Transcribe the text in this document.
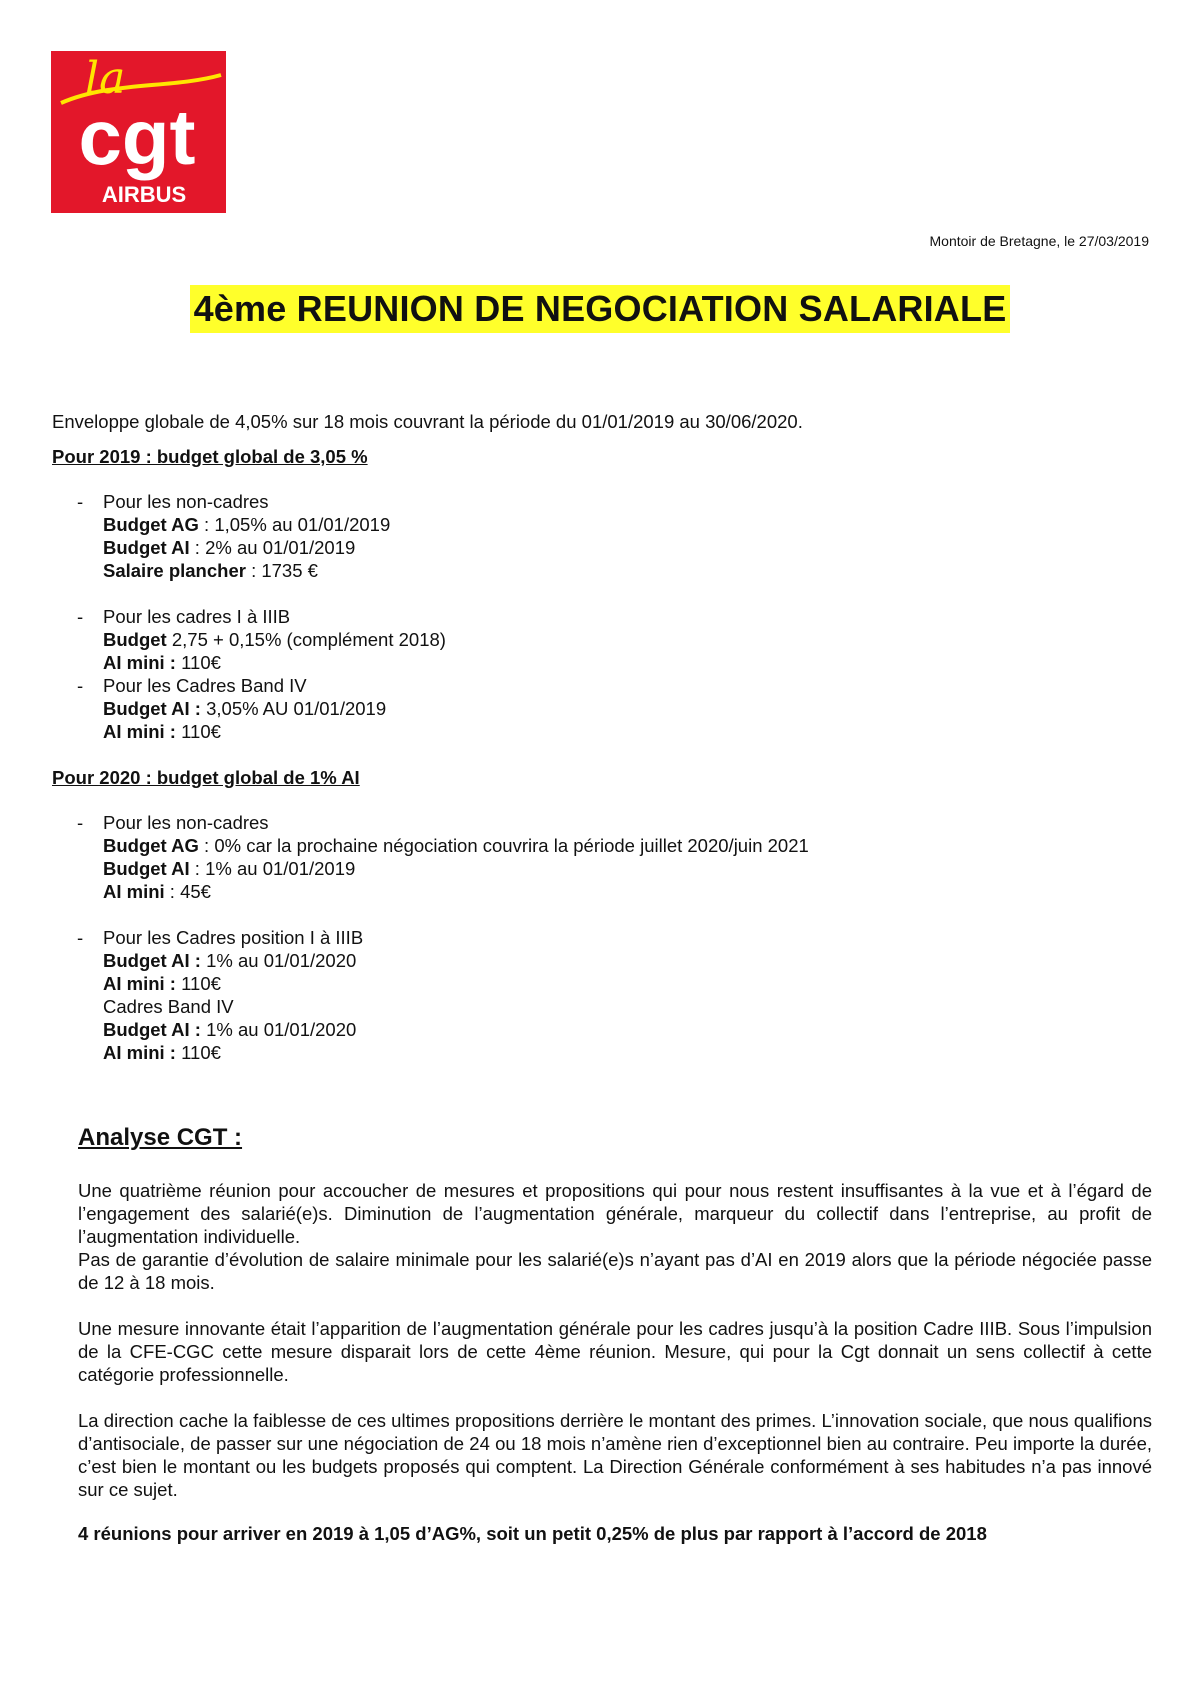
la
cgt
AIRBUS
Montoir de Bretagne, le 27/03/2019
4ème REUNION DE NEGOCIATION SALARIALE

Enveloppe globale de 4,05% sur 18 mois couvrant la période du 01/01/2019 au 30/06/2020.

Pour 2019 : budget global de 3,05 %
-	Pour les non-cadres
Budget AG : 1,05% au 01/01/2019
Budget AI : 2% au 01/01/2019
Salaire plancher : 1735 €
-	Pour les cadres I à IIIB
Budget 2,75 + 0,15% (complément 2018)
AI mini : 110€
-	Pour les Cadres Band IV
Budget AI : 3,05% AU 01/01/2019
AI mini : 110€
Pour 2020 : budget global de 1% AI
-	Pour les non-cadres
Budget AG : 0% car la prochaine négociation couvrira la période juillet 2020/juin 2021
Budget AI : 1% au 01/01/2019
AI mini : 45€
-	Pour les Cadres position I à IIIB
Budget AI : 1% au 01/01/2020
AI mini : 110€
Cadres Band IV
Budget AI : 1% au 01/01/2020
AI mini : 110€
Analyse CGT :

Une quatrième réunion pour accoucher de mesures et propositions qui pour nous restent insuffisantes à la vue et à l’égard de l’engagement des salarié(e)s. Diminution de l’augmentation générale, marqueur du collectif dans l’entreprise, au profit de l’augmentation individuelle.

Pas de garantie d’évolution de salaire minimale pour les salarié(e)s n’ayant pas d’AI en 2019 alors que la période négociée passe de 12 à 18 mois.

Une mesure innovante était l’apparition de l’augmentation générale pour les cadres jusqu’à la position Cadre IIIB. Sous l’impulsion de la CFE-CGC cette mesure disparait lors de cette 4ème réunion. Mesure, qui pour la Cgt donnait un sens collectif à cette catégorie professionnelle.

La direction cache la faiblesse de ces ultimes propositions derrière le montant des primes. L’innovation sociale, que nous qualifions d’antisociale, de passer sur une négociation de 24 ou 18 mois n’amène rien d’exceptionnel bien au contraire. Peu importe la durée, c’est bien le montant ou les budgets proposés qui comptent. La Direction Générale conformément à ses habitudes n’a pas innové sur ce sujet.

4 réunions pour arriver en 2019 à 1,05 d’AG%, soit un petit 0,25% de plus par rapport à l’accord de 2018
